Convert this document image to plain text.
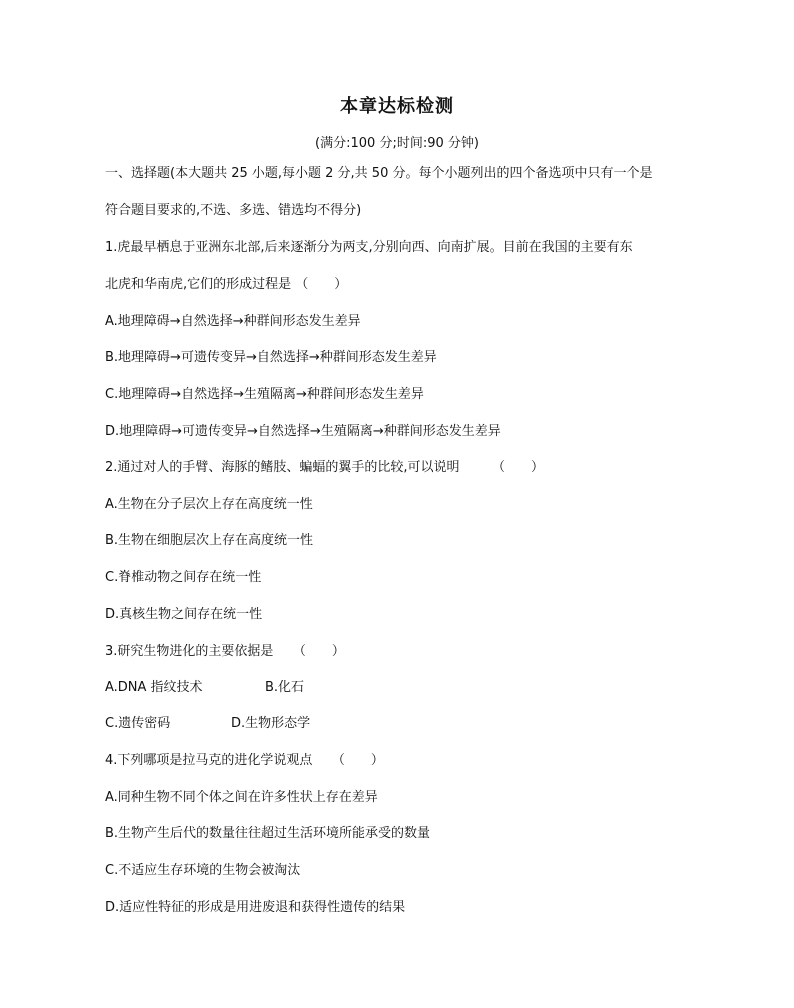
本章达标检测
(满分:100 分;时间:90 分钟)
一、选择题(本大题共 25 小题,每小题 2 分,共 50 分。每个小题列出的四个备选项中只有一个是
符合题目要求的,不选、多选、错选均不得分)
1.虎最早栖息于亚洲东北部,后来逐渐分为两支,分别向西、向南扩展。目前在我国的主要有东
北虎和华南虎,它们的形成过程是 （　　）
A.地理障碍→自然选择→种群间形态发生差异
B.地理障碍→可遗传变异→自然选择→种群间形态发生差异
C.地理障碍→自然选择→生殖隔离→种群间形态发生差异
D.地理障碍→可遗传变异→自然选择→生殖隔离→种群间形态发生差异
2.通过对人的手臂、海豚的鳍肢、蝙蝠的翼手的比较,可以说明　　　（　　）
A.生物在分子层次上存在高度统一性
B.生物在细胞层次上存在高度统一性
C.脊椎动物之间存在统一性
D.真核生物之间存在统一性
3.研究生物进化的主要依据是　　（　　）
A.DNA 指纹技术	B.化石
C.遗传密码	D.生物形态学
4.下列哪项是拉马克的进化学说观点　　（　　）
A.同种生物不同个体之间在许多性状上存在差异
B.生物产生后代的数量往往超过生活环境所能承受的数量
C.不适应生存环境的生物会被淘汰
D.适应性特征的形成是用进废退和获得性遗传的结果
